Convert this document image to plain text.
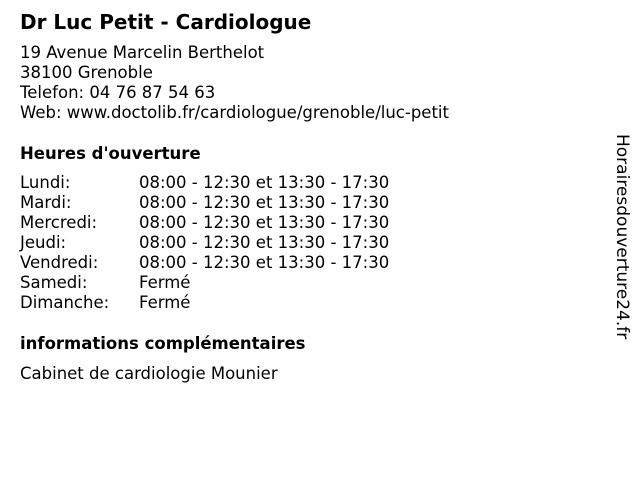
Dr Luc Petit - Cardiologue
19 Avenue Marcelin Berthelot
38100 Grenoble
Telefon: 04 76 87 54 63
Web: www.doctolib.fr/cardiologue/grenoble/luc-petit
Heures d'ouverture
Lundi:	08:00 - 12:30 et 13:30 - 17:30
Mardi:	08:00 - 12:30 et 13:30 - 17:30
Mercredi:	08:00 - 12:30 et 13:30 - 17:30
Jeudi:	08:00 - 12:30 et 13:30 - 17:30
Vendredi: 08:00 - 12:30 et 13:30 - 17:30
Samedi:	Fermé
Dimanche: Fermé
informations complémentaires
Cabinet de cardiologie Mounier
Horairesdouverture24.fr
